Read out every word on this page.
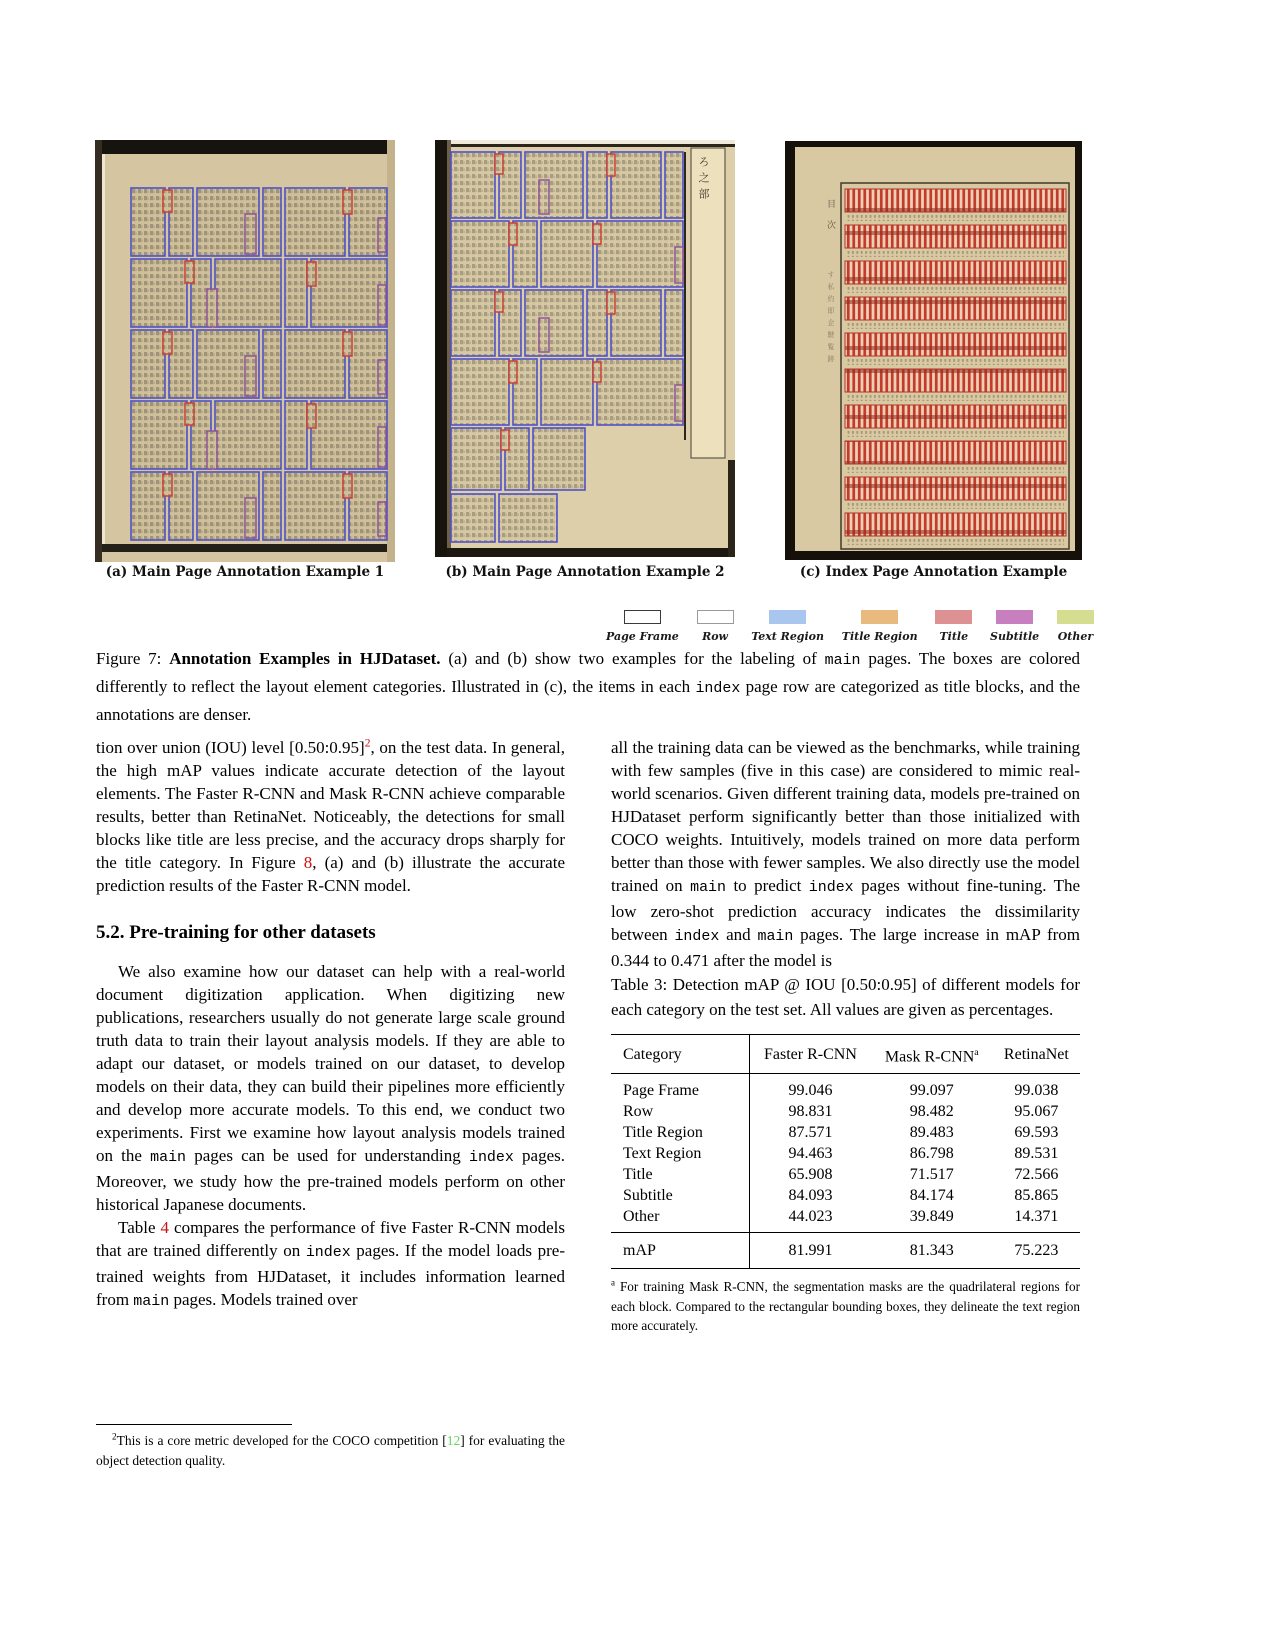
ろ之部
目次
す私約即企駛覧跡
(a) Main Page Annotation Example 1	(b) Main Page Annotation Example 2	(c) Index Page Annotation Example
Page Frame Row Text Region Title Region Title Subtitle Other
Figure 7: Annotation Examples in HJDataset. (a) and (b) show two examples for the labeling of main pages. The boxes are colored differently to reflect the layout element categories. Illustrated in (c), the items in each index page row are categorized as title blocks, and the annotations are denser.

tion over union (IOU) level [0.50:0.95]$^2$, on the test data. In general, the high mAP values indicate accurate detection of the layout elements. The Faster R-CNN and Mask R-CNN achieve comparable results, better than RetinaNet. Noticeably, the detections for small blocks like title are less precise, and the accuracy drops sharply for the title category. In Figure 8, (a) and (b) illustrate the accurate prediction results of the Faster R-CNN model.

5.2. Pre-training for other datasets

We also examine how our dataset can help with a real-world document digitization application. When digitizing new publications, researchers usually do not generate large scale ground truth data to train their layout analysis models. If they are able to adapt our dataset, or models trained on our dataset, to develop models on their data, they can build their pipelines more efficiently and develop more accurate models. To this end, we conduct two experiments. First we examine how layout analysis models trained on the main pages can be used for understanding index pages. Moreover, we study how the pre-trained models perform on other historical Japanese documents.

Table 4 compares the performance of five Faster R-CNN models that are trained differently on index pages. If the model loads pre-trained weights from HJDataset, it includes information learned from main pages. Models trained over

$^2$This is a core metric developed for the COCO competition [12] for evaluating the object detection quality.

all the training data can be viewed as the benchmarks, while training with few samples (five in this case) are considered to mimic real-world scenarios. Given different training data, models pre-trained on HJDataset perform significantly better than those initialized with COCO weights. Intuitively, models trained on more data perform better than those with fewer samples. We also directly use the model trained on main to predict index pages without fine-tuning. The low zero-shot prediction accuracy indicates the dissimilarity between index and main pages. The large increase in mAP from 0.344 to 0.471 after the model is

Table 3: Detection mAP @ IOU [0.50:0.95] of different models for each category on the test set. All values are given as percentages.

Category	Faster R-CNN	Mask R-CNN$^a$	RetinaNet
Page Frame	99.046	99.097	99.038
Row	98.831	98.482	95.067
Title Region	87.571	89.483	69.593
Text Region	94.463	86.798	89.531
Title	65.908	71.517	72.566
Subtitle	84.093	84.174	85.865
Other	44.023	39.849	14.371
mAP	81.991	81.343	75.223
$^a$ For training Mask R-CNN, the segmentation masks are the quadrilateral regions for each block. Compared to the rectangular bounding boxes, they delineate the text region more accurately.
